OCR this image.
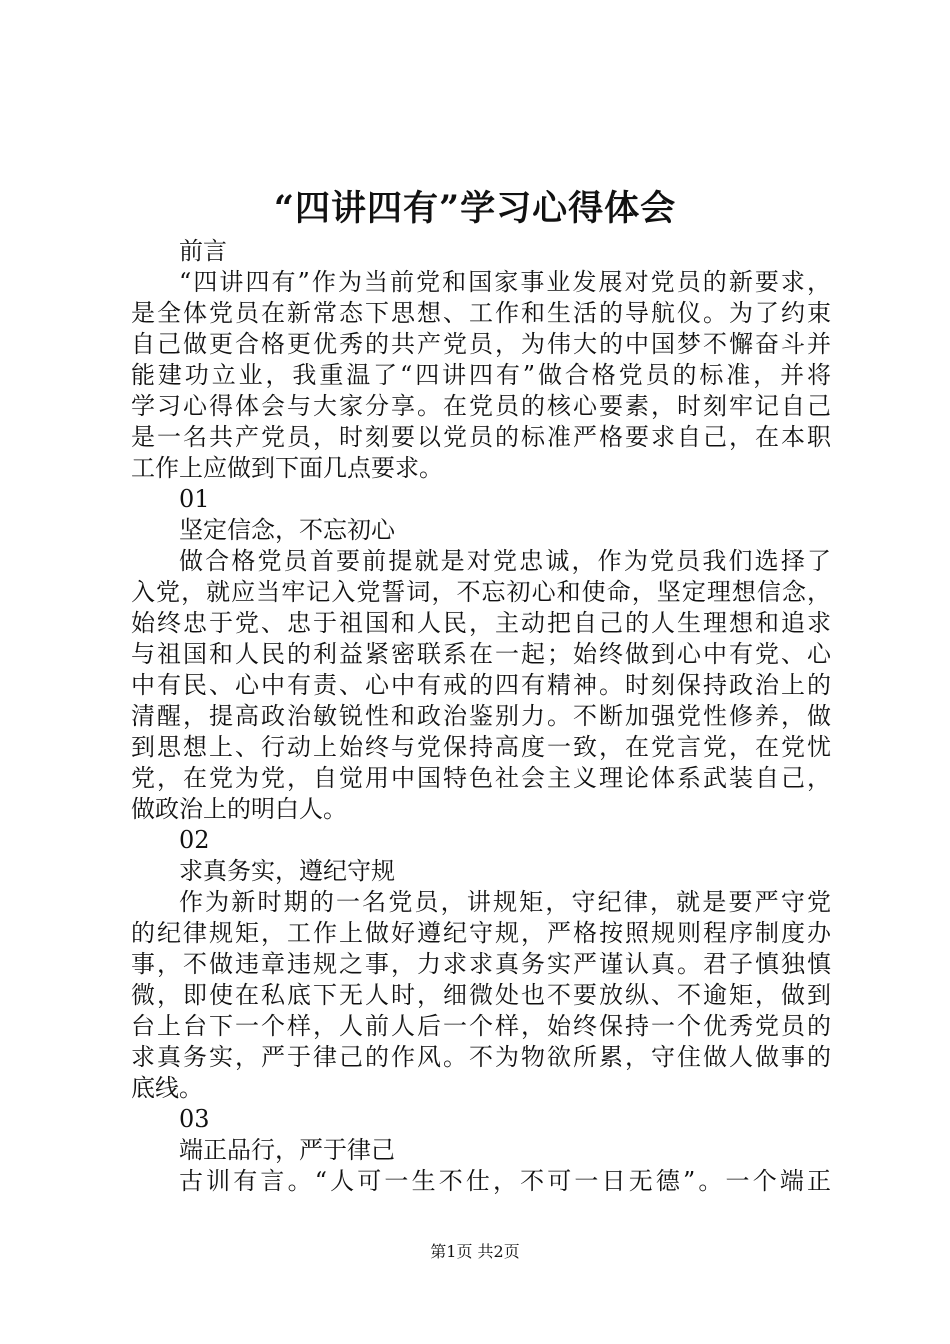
“四讲四有”学习心得体会
前言
“四讲四有”作为当前党和国家事业发展对党员的新要求，
是全体党员在新常态下思想、工作和生活的导航仪。为了约束
自己做更合格更优秀的共产党员，为伟大的中国梦不懈奋斗并
能建功立业，我重温了“四讲四有”做合格党员的标准，并将
学习心得体会与大家分享。在党员的核心要素，时刻牢记自己
是一名共产党员，时刻要以党员的标准严格要求自己，在本职
工作上应做到下面几点要求。
01
坚定信念，不忘初心
做合格党员首要前提就是对党忠诚，作为党员我们选择了
入党，就应当牢记入党誓词，不忘初心和使命，坚定理想信念，
始终忠于党、忠于祖国和人民，主动把自己的人生理想和追求
与祖国和人民的利益紧密联系在一起；始终做到心中有党、心
中有民、心中有责、心中有戒的四有精神。时刻保持政治上的
清醒，提高政治敏锐性和政治鉴别力。不断加强党性修养，做
到思想上、行动上始终与党保持高度一致，在党言党，在党忧
党，在党为党，自觉用中国特色社会主义理论体系武装自己，
做政治上的明白人。
02
求真务实，遵纪守规
作为新时期的一名党员，讲规矩，守纪律，就是要严守党
的纪律规矩，工作上做好遵纪守规，严格按照规则程序制度办
事，不做违章违规之事，力求求真务实严谨认真。君子慎独慎
微，即使在私底下无人时，细微处也不要放纵、不逾矩，做到
台上台下一个样，人前人后一个样，始终保持一个优秀党员的
求真务实，严于律己的作风。不为物欲所累，守住做人做事的
底线。
03
端正品行，严于律己
古训有言。“人可一生不仕，不可一日无德”。一个端正
第1页 共2页
